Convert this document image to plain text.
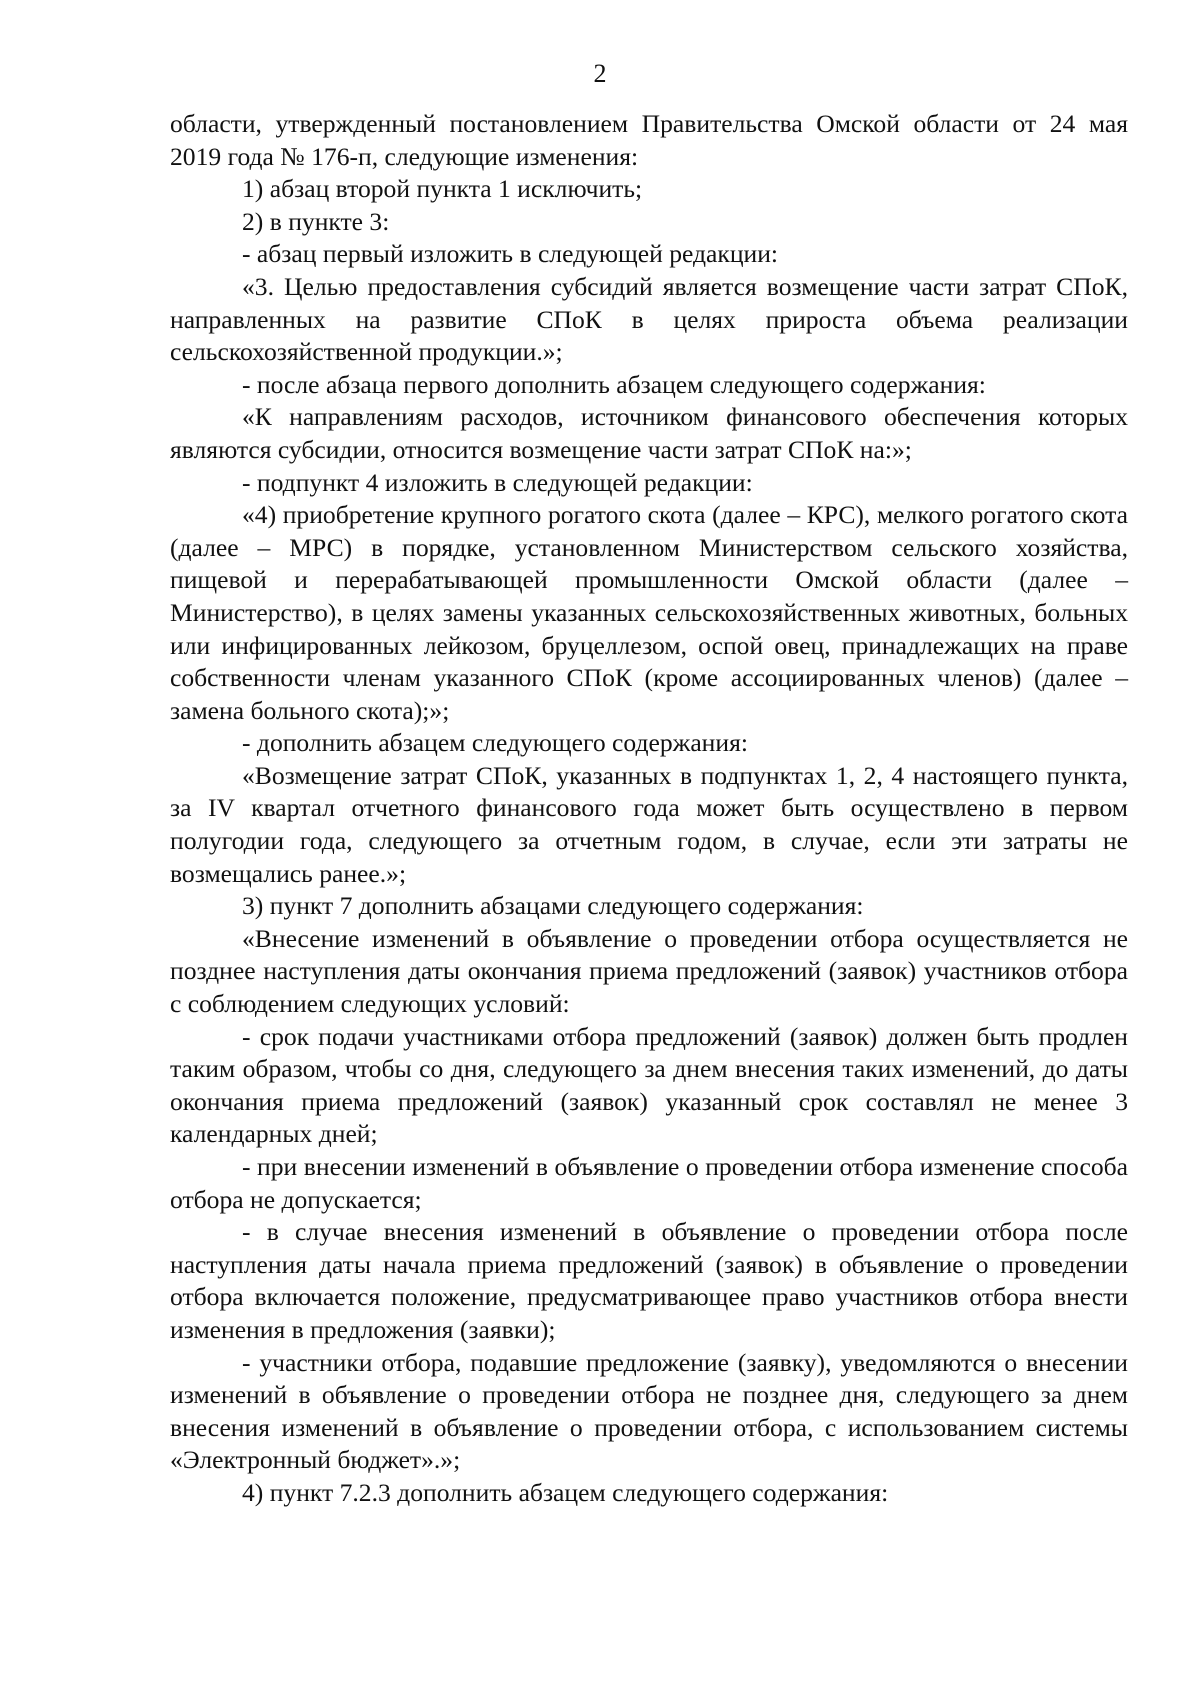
2

области, утвержденный постановлением Правительства Омской области от 24 мая 2019 года № 176-п, следующие изменения:

1) абзац второй пункта 1 исключить;

2) в пункте 3:

- абзац первый изложить в следующей редакции:

«3. Целью предоставления субсидий является возмещение части затрат СПоК, направленных на развитие СПоК в целях прироста объема реализации сельскохозяйственной продукции.»;

- после абзаца первого дополнить абзацем следующего содержания:

«К направлениям расходов, источником финансового обеспечения которых являются субсидии, относится возмещение части затрат СПоК на:»;

- подпункт 4 изложить в следующей редакции:

«4) приобретение крупного рогатого скота (далее – КРС), мелкого рогатого скота (далее – МРС) в порядке, установленном Министерством сельского хозяйства, пищевой и перерабатывающей промышленности Омской области (далее – Министерство), в целях замены указанных сельскохозяйственных животных, больных или инфицированных лейкозом, бруцеллезом, оспой овец, принадлежащих на праве собственности членам указанного СПоК (кроме ассоциированных членов) (далее – замена больного скота);»;

- дополнить абзацем следующего содержания:

«Возмещение затрат СПоК, указанных в подпунктах 1, 2, 4 настоящего пункта, за IV квартал отчетного финансового года может быть осуществлено в первом полугодии года, следующего за отчетным годом, в случае, если эти затраты не возмещались ранее.»;

3) пункт 7 дополнить абзацами следующего содержания:

«Внесение изменений в объявление о проведении отбора осуществляется не позднее наступления даты окончания приема предложений (заявок) участников отбора с соблюдением следующих условий:

- срок подачи участниками отбора предложений (заявок) должен быть продлен таким образом, чтобы со дня, следующего за днем внесения таких изменений, до даты окончания приема предложений (заявок) указанный срок составлял не менее 3 календарных дней;

- при внесении изменений в объявление о проведении отбора изменение способа отбора не допускается;

- в случае внесения изменений в объявление о проведении отбора после наступления даты начала приема предложений (заявок) в объявление о проведении отбора включается положение, предусматривающее право участников отбора внести изменения в предложения (заявки);

- участники отбора, подавшие предложение (заявку), уведомляются о внесении изменений в объявление о проведении отбора не позднее дня, следующего за днем внесения изменений в объявление о проведении отбора, с использованием системы «Электронный бюджет».»;

4) пункт 7.2.3 дополнить абзацем следующего содержания:
